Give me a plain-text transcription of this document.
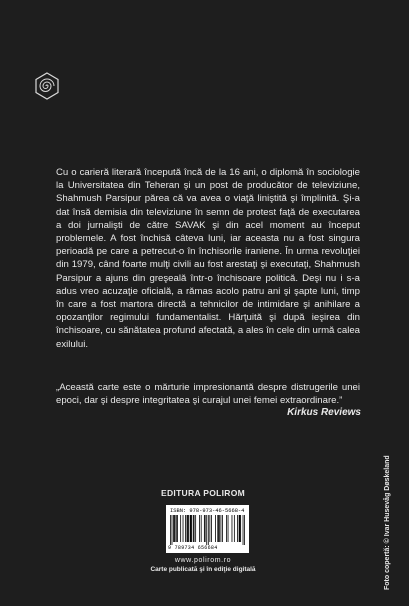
Cu o carieră literară începută încă de la 16 ani, o diplomă în sociologie la Universitatea din Teheran şi un post de producător de televiziune, Shahmush Parsipur părea că va avea o viaţă liniştită şi împlinită. Şi-a dat însă demisia din televiziune în semn de protest faţă de executarea a doi jurnalişti de către SAVAK şi din acel moment au început problemele. A fost închisă câteva luni, iar aceasta nu a fost singura perioadă pe care a petrecut-o în închisorile iraniene. În urma revoluţiei din 1979, când foarte mulţi civili au fost arestaţi şi executaţi, Shahmush Parsipur a ajuns din greşeală într-o închisoare politică. Deşi nu i s-a adus vreo acuzaţie oficială, a rămas acolo patru ani şi şapte luni, timp în care a fost martora directă a tehnicilor de intimidare şi anihilare a opozanţilor regimului fundamentalist. Hărţuită şi după ieşirea din închisoare, cu sănătatea profund afectată, a ales în cele din urmă calea exilului.

„Această carte este o mărturie impresionantă despre distrugerile unei epoci, dar şi despre integritatea şi curajul unei femei extraordinare.”

Kirkus Reviews

EDITURA POLIROM
ISBN: 978-973-46-5668-4
9 789734 656684
www.polirom.ro
Carte publicată şi în ediţie digitală	Foto copertă: © Ivar Husevåg Døskeland
